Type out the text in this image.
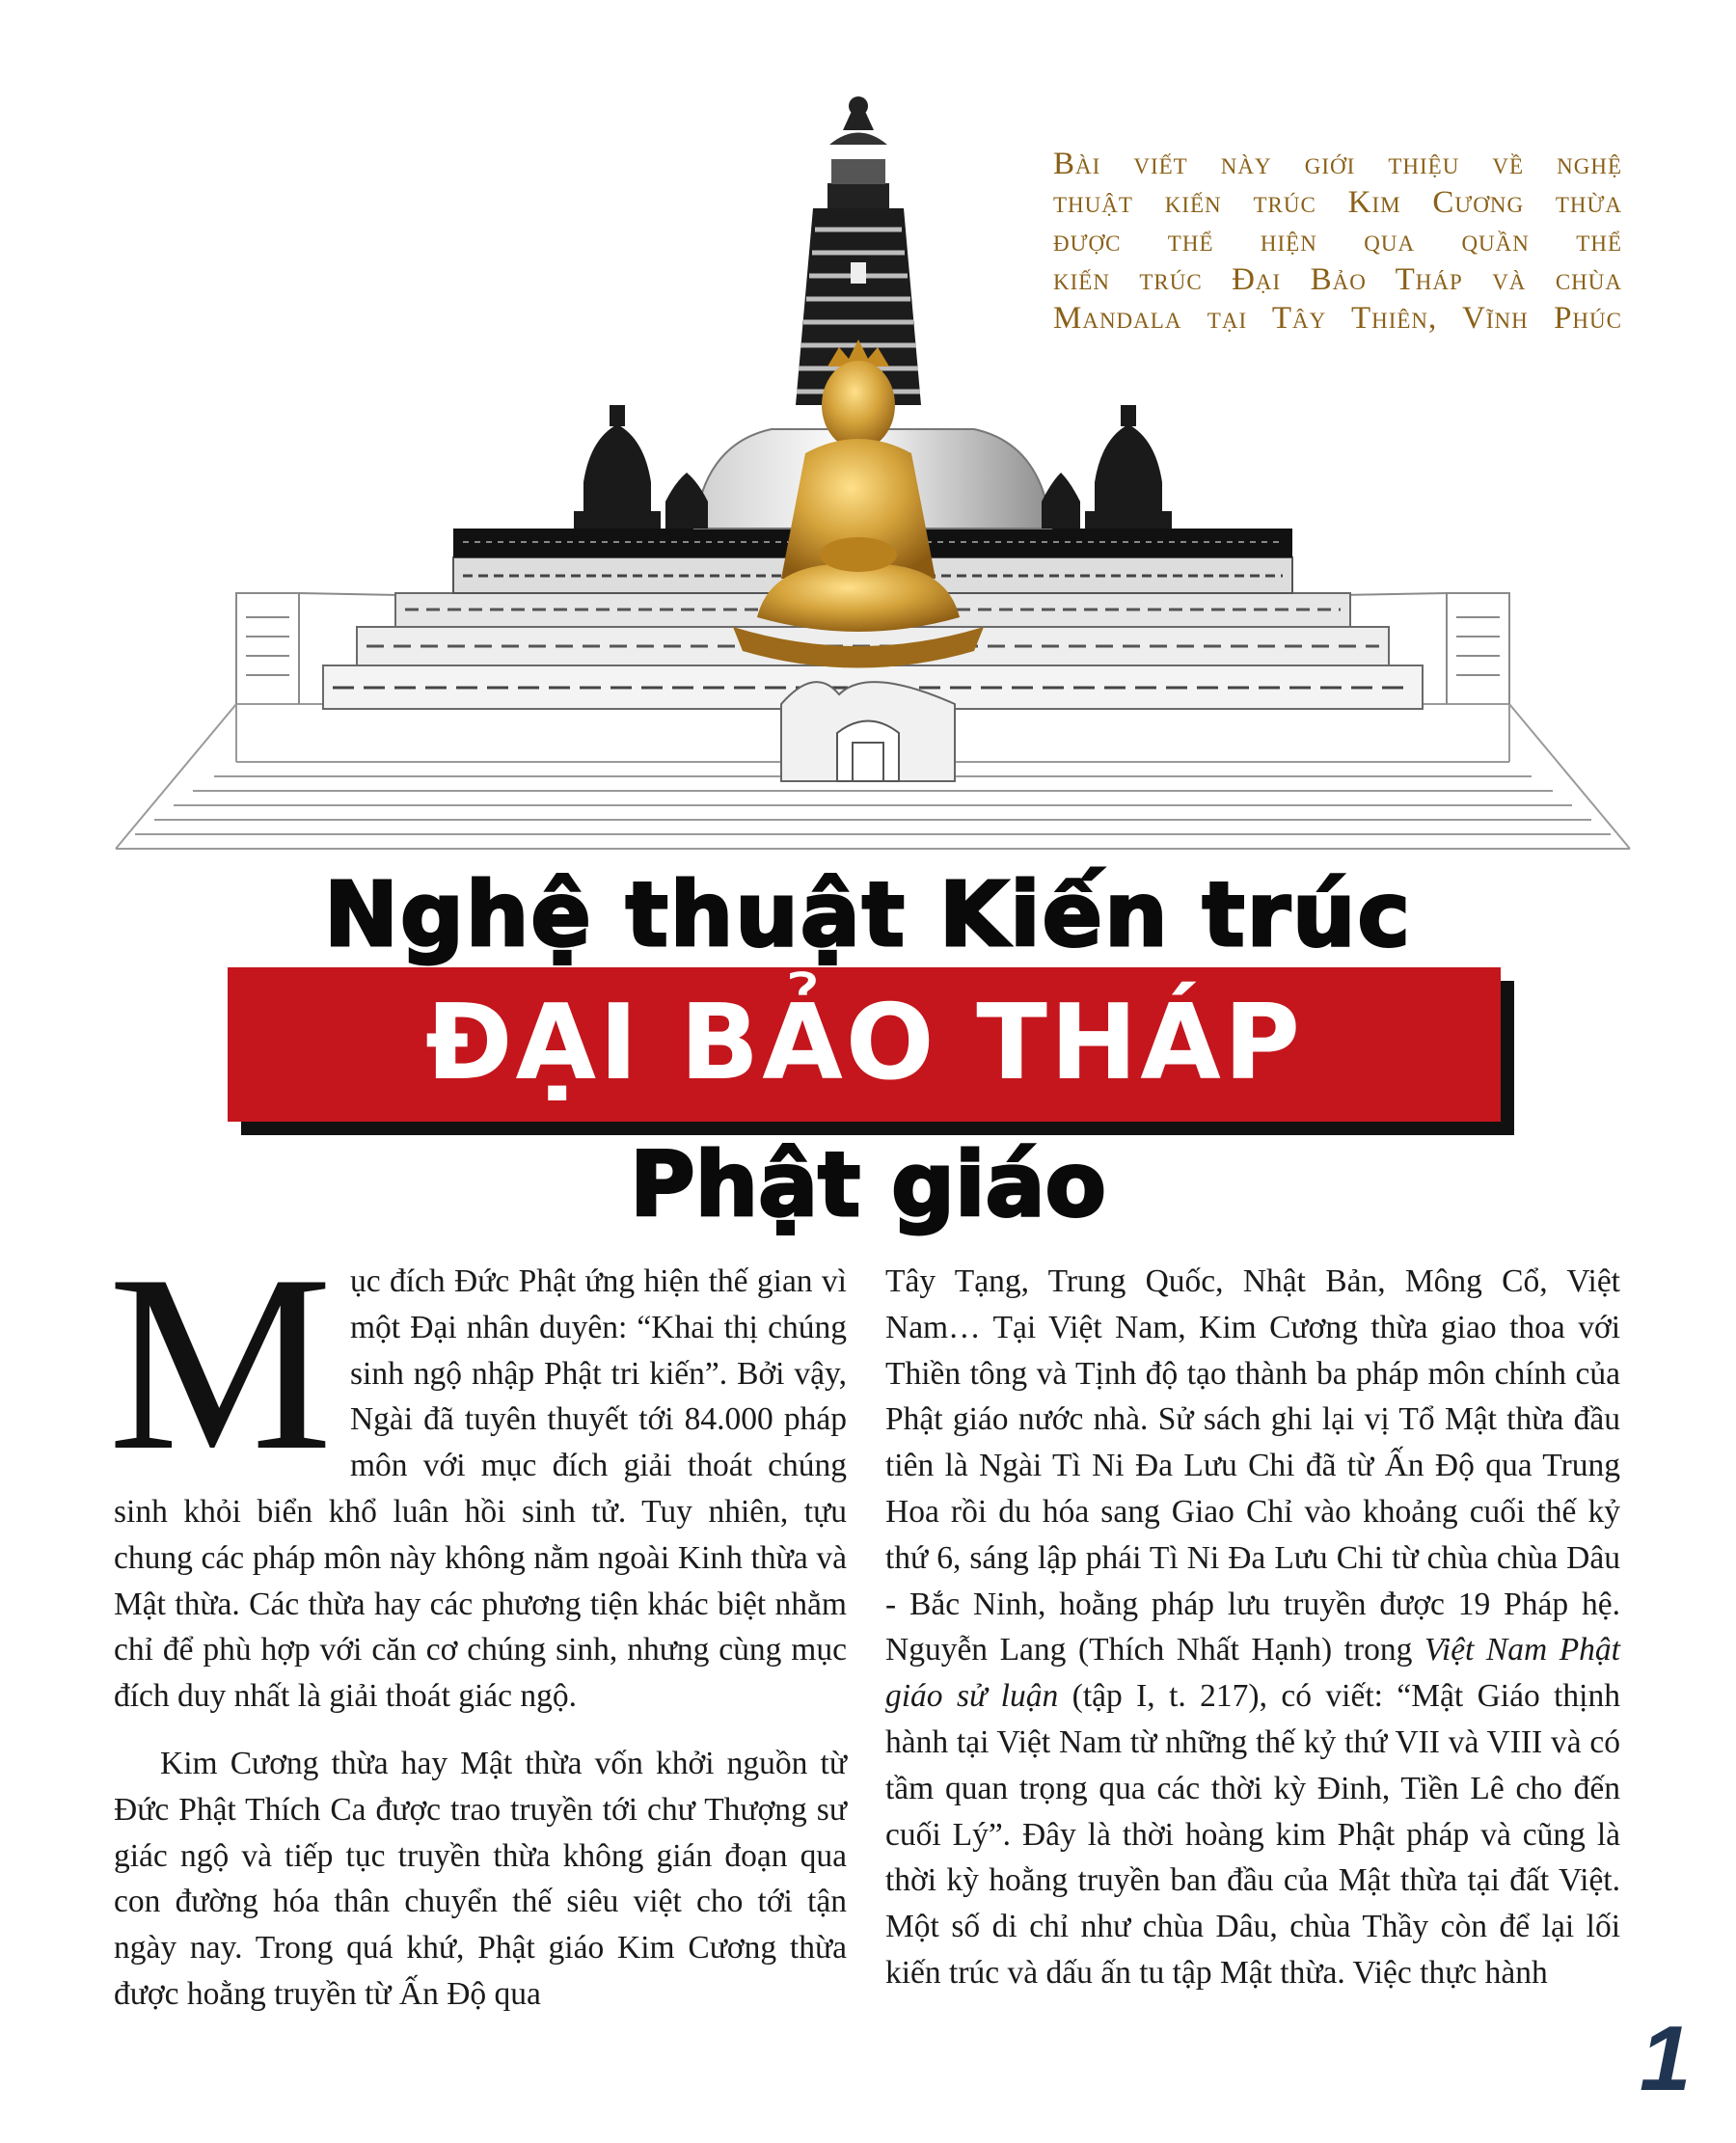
Bài viết này giới thiệu về nghệ
thuật kiến trúc Kim Cương thừa
được thể hiện qua quần thể
kiến trúc Đại Bảo Tháp và chùa
Mandala tại Tây Thiên, Vĩnh Phúc
Nghệ thuật Kiến trúc
ĐẠI BẢO THÁP
Phật giáo

Mục đích Đức Phật ứng hiện thế gian vì một Đại nhân duyên: “Khai thị chúng sinh ngộ nhập Phật tri kiến”. Bởi vậy, Ngài đã tuyên thuyết tới 84.000 pháp môn với mục đích giải thoát chúng sinh khỏi biển khổ luân hồi sinh tử. Tuy nhiên, tựu chung các pháp môn này không nằm ngoài Kinh thừa và Mật thừa. Các thừa hay các phương tiện khác biệt nhằm chỉ để phù hợp với căn cơ chúng sinh, nhưng cùng mục đích duy nhất là giải thoát giác ngộ.

Kim Cương thừa hay Mật thừa vốn khởi nguồn từ Đức Phật Thích Ca được trao truyền tới chư Thượng sư giác ngộ và tiếp tục truyền thừa không gián đoạn qua con đường hóa thân chuyển thế siêu việt cho tới tận ngày nay. Trong quá khứ, Phật giáo Kim Cương thừa được hoằng truyền từ Ấn Độ qua

Tây Tạng, Trung Quốc, Nhật Bản, Mông Cổ, Việt Nam… Tại Việt Nam, Kim Cương thừa giao thoa với Thiền tông và Tịnh độ tạo thành ba pháp môn chính của Phật giáo nước nhà. Sử sách ghi lại vị Tổ Mật thừa đầu tiên là Ngài Tì Ni Đa Lưu Chi đã từ Ấn Độ qua Trung Hoa rồi du hóa sang Giao Chỉ vào khoảng cuối thế kỷ thứ 6, sáng lập phái Tì Ni Đa Lưu Chi từ chùa chùa Dâu - Bắc Ninh, hoằng pháp lưu truyền được 19 Pháp hệ. Nguyễn Lang (Thích Nhất Hạnh) trong Việt Nam Phật giáo sử luận (tập I, t. 217), có viết: “Mật Giáo thịnh hành tại Việt Nam từ những thế kỷ thứ VII và VIII và có tầm quan trọng qua các thời kỳ Đinh, Tiền Lê cho đến cuối Lý”. Đây là thời hoàng kim Phật pháp và cũng là thời kỳ hoằng truyền ban đầu của Mật thừa tại đất Việt. Một số di chỉ như chùa Dâu, chùa Thầy còn để lại lối kiến trúc và dấu ấn tu tập Mật thừa. Việc thực hành

1
